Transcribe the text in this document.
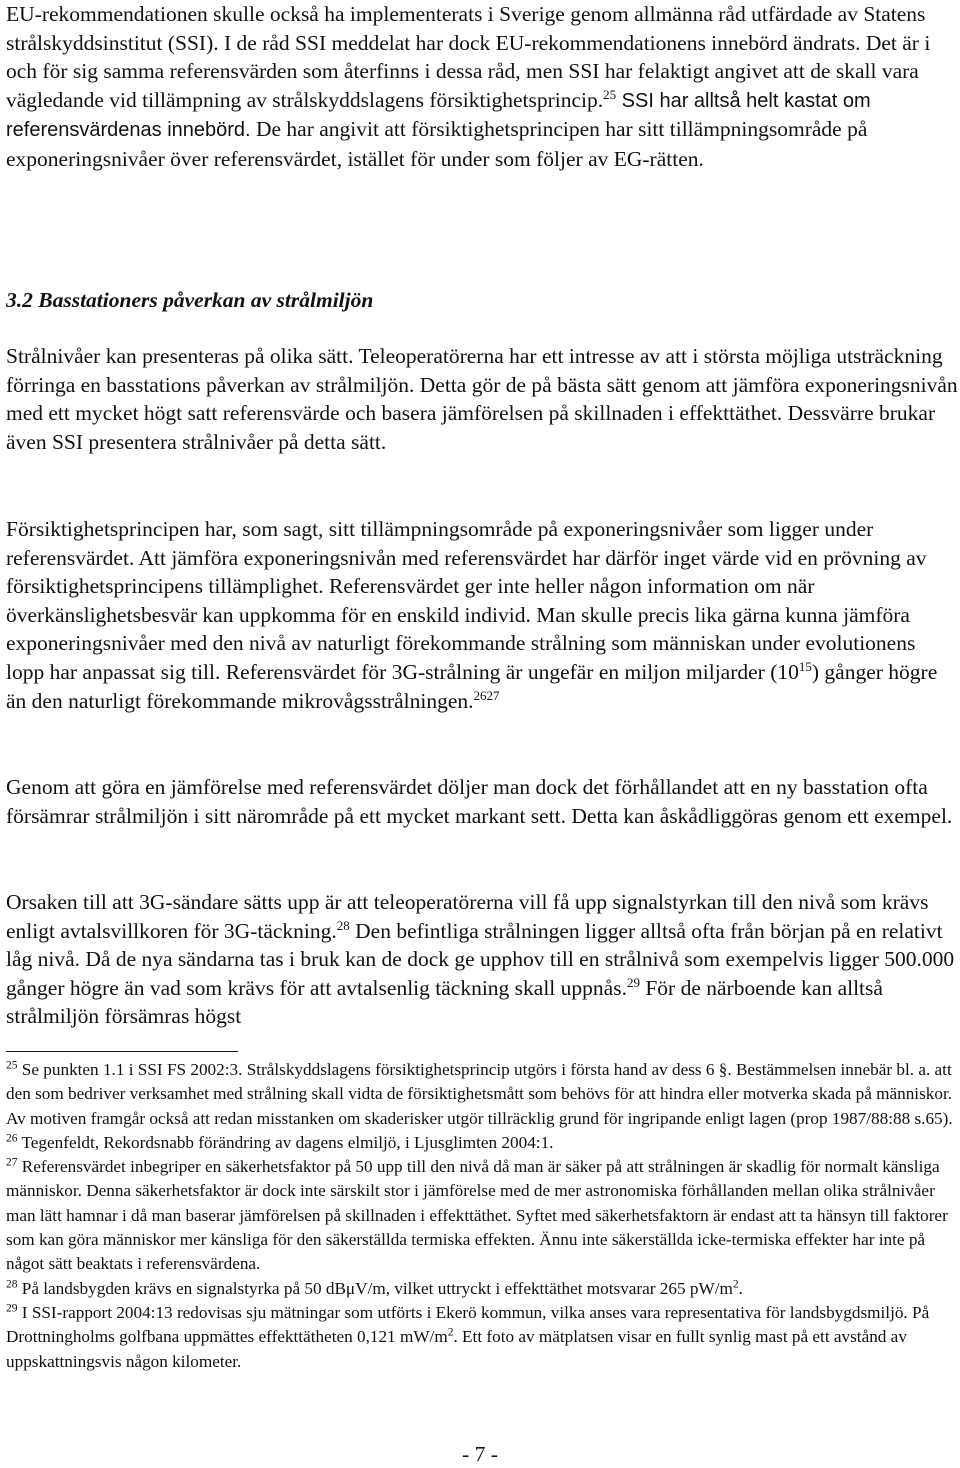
EU-rekommendationen skulle också ha implementerats i Sverige genom allmänna råd utfärdade av Statens strålskyddsinstitut (SSI). I de råd SSI meddelat har dock EU-rekommendationens innebörd ändrats. Det är i och för sig samma referensvärden som återfinns i dessa råd, men SSI har felaktigt angivet att de skall vara vägledande vid tillämpning av strålskyddslagens försiktighetsprincip.$^{25}$ SSI har alltså helt kastat om referensvärdenas innebörd. De har angivit att försiktighetsprincipen har sitt tillämpningsområde på exponeringsnivåer över referensvärdet, istället för under som följer av EG-rätten.

3.2 Basstationers påverkan av strålmiljön

Strålnivåer kan presenteras på olika sätt. Teleoperatörerna har ett intresse av att i största möjliga utsträckning förringa en basstations påverkan av strålmiljön. Detta gör de på bästa sätt genom att jämföra exponeringsnivån med ett mycket högt satt referensvärde och basera jämförelsen på skillnaden i effekttäthet. Dessvärre brukar även SSI presentera strålnivåer på detta sätt.

Försiktighetsprincipen har, som sagt, sitt tillämpningsområde på exponeringsnivåer som ligger under referensvärdet. Att jämföra exponeringsnivån med referensvärdet har därför inget värde vid en prövning av försiktighetsprincipens tillämplighet. Referensvärdet ger inte heller någon information om när överkänslighetsbesvär kan uppkomma för en enskild individ. Man skulle precis lika gärna kunna jämföra exponeringsnivåer med den nivå av naturligt förekommande strålning som människan under evolutionens lopp har anpassat sig till. Referensvärdet för 3G-strålning är ungefär en miljon miljarder $(10^{15})$ gånger högre än den naturligt förekommande mikrovågsstrålningen.$^{2627}$

Genom att göra en jämförelse med referensvärdet döljer man dock det förhållandet att en ny basstation ofta försämrar strålmiljön i sitt närområde på ett mycket markant sett. Detta kan åskådliggöras genom ett exempel.

Orsaken till att 3G-sändare sätts upp är att teleoperatörerna vill få upp signalstyrkan till den nivå som krävs enligt avtalsvillkoren för 3G-täckning.$^{28}$ Den befintliga strålningen ligger alltså ofta från början på en relativt låg nivå. Då de nya sändarna tas i bruk kan de dock ge upphov till en strålnivå som exempelvis ligger 500.000 gånger högre än vad som krävs för att avtalsenlig täckning skall uppnås.$^{29}$ För de närboende kan alltså strålmiljön försämras högst

$^{25}$ Se punkten 1.1 i SSI FS 2002:3. Strålskyddslagens försiktighetsprincip utgörs i första hand av dess 6 §. Bestämmelsen innebär bl. a. att den som bedriver verksamhet med strålning skall vidta de försiktighetsmått som behövs för att hindra eller motverka skada på människor. Av motiven framgår också att redan misstanken om skaderisker utgör tillräcklig grund för ingripande enligt lagen (prop 1987/88:88 s.65).

$^{26}$ Tegenfeldt, Rekordsnabb förändring av dagens elmiljö, i Ljusglimten 2004:1.

$^{27}$ Referensvärdet inbegriper en säkerhetsfaktor på 50 upp till den nivå då man är säker på att strålningen är skadlig för normalt känsliga människor. Denna säkerhetsfaktor är dock inte särskilt stor i jämförelse med de mer astronomiska förhållanden mellan olika strålnivåer man lätt hamnar i då man baserar jämförelsen på skillnaden i effekttäthet. Syftet med säkerhetsfaktorn är endast att ta hänsyn till faktorer som kan göra människor mer känsliga för den säkerställda termiska effekten. Ännu inte säkerställda icke-termiska effekter har inte på något sätt beaktats i referensvärdena.

$^{28}$ På landsbygden krävs en signalstyrka på 50 dBμV/m, vilket uttryckt i effekttäthet motsvarar 265 pW/m$^2$.

$^{29}$ I SSI-rapport 2004:13 redovisas sju mätningar som utförts i Ekerö kommun, vilka anses vara representativa för landsbygdsmiljö. På Drottningholms golfbana uppmättes effekttätheten 0,121 mW/m$^2$. Ett foto av mätplatsen visar en fullt synlig mast på ett avstånd av uppskattningsvis någon kilometer.

- 7 -
